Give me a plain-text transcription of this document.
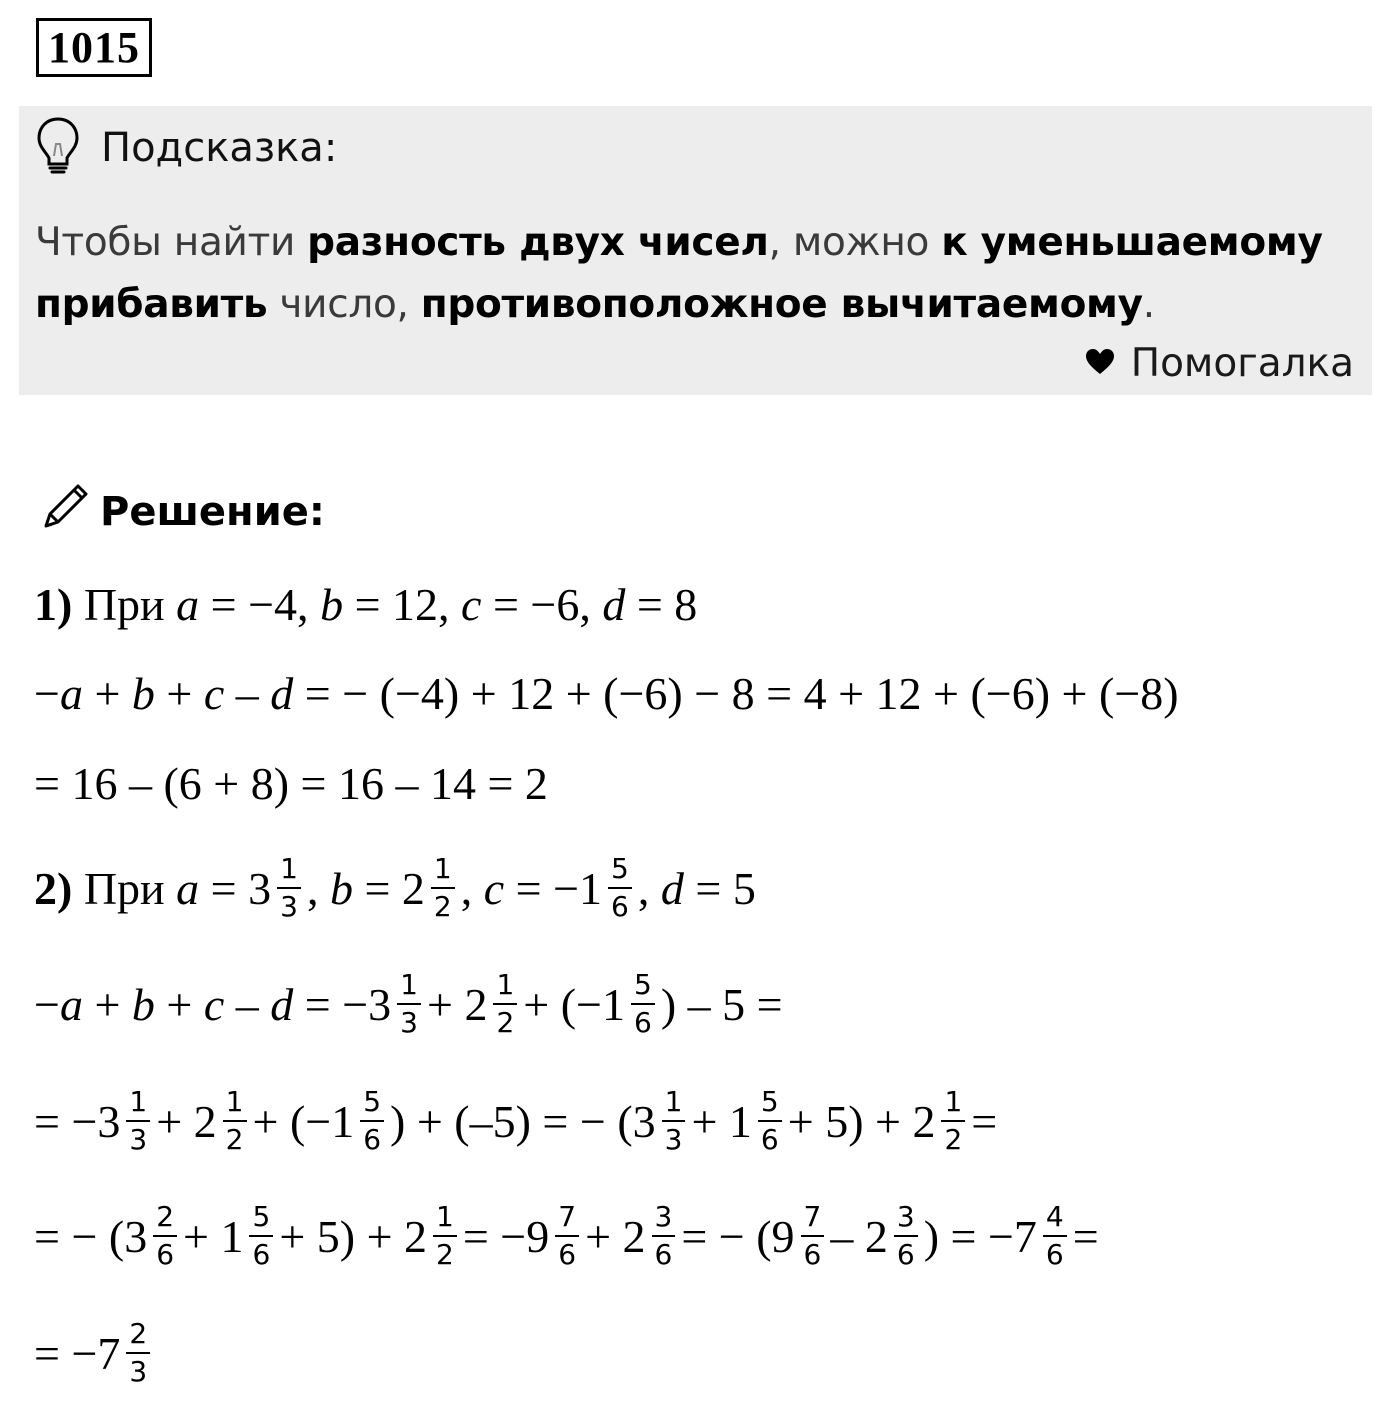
1015
Подсказка:
Чтобы найти разность двух чисел, можно к уменьшаемому прибавить число, противоположное вычитаемому.
Помогалка
Решение:
1) При a = −4, b = 12, c = −6, d = 8
− a + b + c – d = − (−4) + 12 + (−6) − 8 = 4 + 12 + (−6) + (−8)
= 16 – (6 + 8) = 16 – 14 = 2
2) При $a = 3 \frac{1}{3}$ , $b = 2 \frac{1}{2}$ , $c = -1 \frac{5}{6}$ , d = 5
− $a + b + c - d = -3 \frac{1}{3} + 2 \frac{1}{2} + (-1 \frac{5}{6}$ ) – 5 =
= $-3 \frac{1}{3} + 2 \frac{1}{2} + (-1 \frac{5}{6}$ ) + (–5) = − $(3 \frac{1}{3} + 1 \frac{5}{6} + 5) + 2 \frac{1}{2}$ =
= − $(3 \frac{2}{6} + 1 \frac{5}{6} + 5) + 2 \frac{1}{2} = -9 \frac{7}{6} + 2 \frac{3}{6}$ = − ($9 \frac{7}{6} - 2 \frac{3}{6}$ ) = $-7 \frac{4}{6}$ =
= $-7 \frac{2}{3}$
